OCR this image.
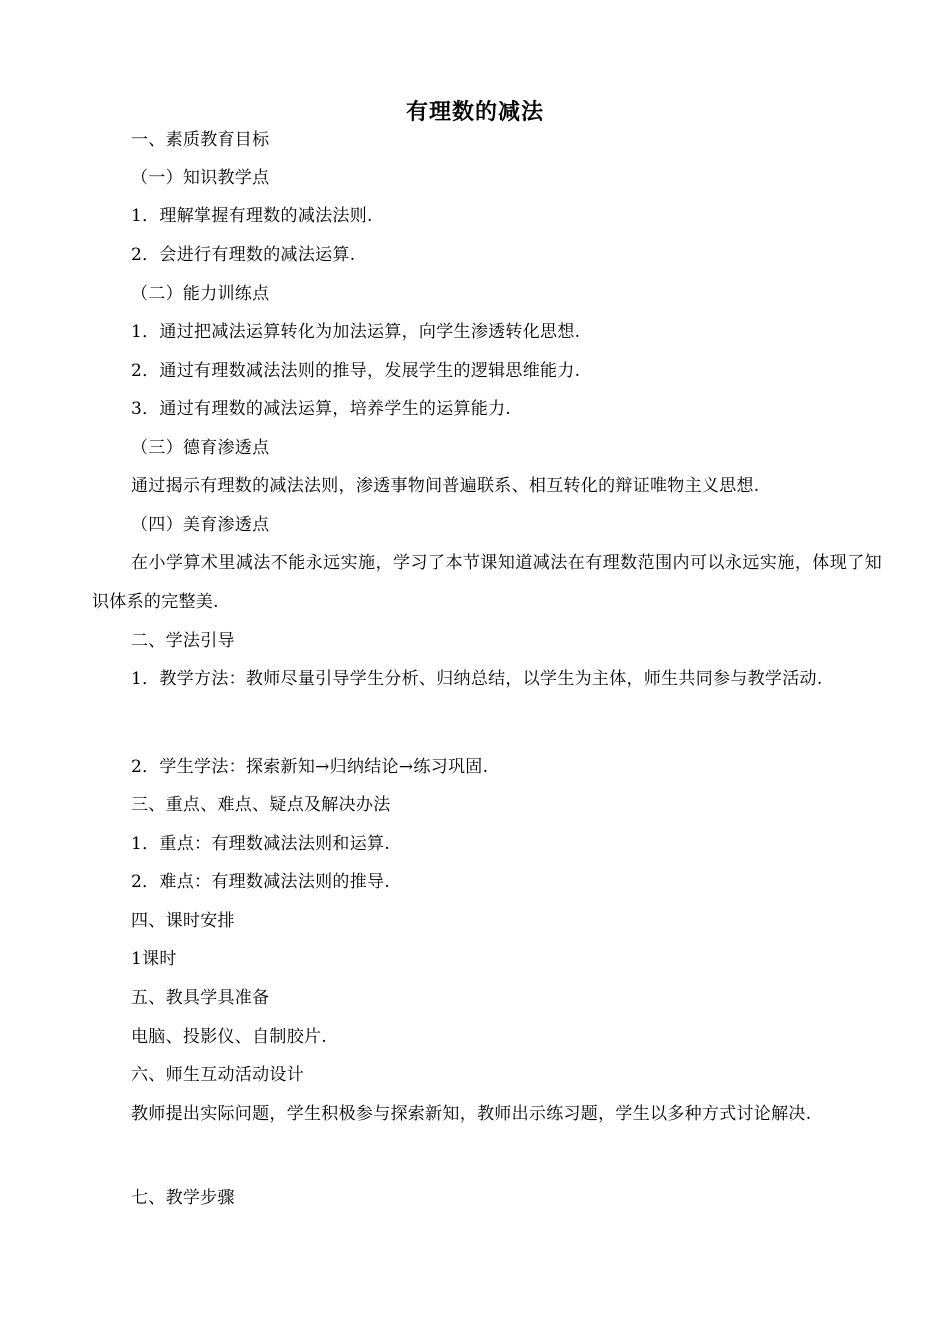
有理数的减法
一、素质教育目标
（一）知识教学点
1．理解掌握有理数的减法法则.
2．会进行有理数的减法运算.
（二）能力训练点
1．通过把减法运算转化为加法运算，向学生渗透转化思想.
2．通过有理数减法法则的推导，发展学生的逻辑思维能力.
3．通过有理数的减法运算，培养学生的运算能力.
（三）德育渗透点
通过揭示有理数的减法法则，渗透事物间普遍联系、相互转化的辩证唯物主义思想.
（四）美育渗透点
在小学算术里减法不能永远实施，学习了本节课知道减法在有理数范围内可以永远实施，体现了知识体系的完整美.
二、学法引导
1．教学方法：教师尽量引导学生分析、归纳总结，以学生为主体，师生共同参与教学活动.
2．学生学法：探索新知→归纳结论→练习巩固.
三、重点、难点、疑点及解决办法
1．重点：有理数减法法则和运算.
2．难点：有理数减法法则的推导.
四、课时安排
1课时
五、教具学具准备
电脑、投影仪、自制胶片.
六、师生互动活动设计
教师提出实际问题，学生积极参与探索新知，教师出示练习题，学生以多种方式讨论解决.
七、教学步骤
